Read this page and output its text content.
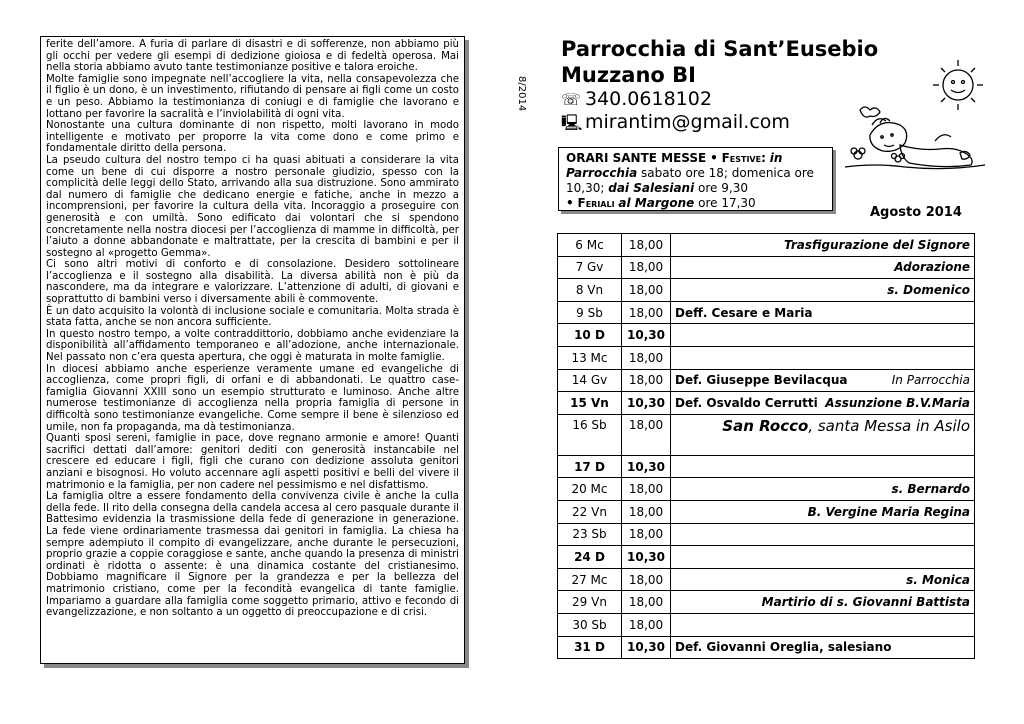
ferite dell’amore. A furia di parlare di disastri e di sofferenze, non abbiamo più gli occhi per vedere gli esempi di dedizione gioiosa e di fedeltà operosa. Mai nella storia abbiamo avuto tante testimonianze positive e talora eroiche.

Molte famiglie sono impegnate nell’accogliere la vita, nella consapevolezza che il figlio è un dono, è un investimento, rifiutando di pensare ai figli come un costo e un peso. Abbiamo la testimonianza di coniugi e di famiglie che lavorano e lottano per favorire la sacralità e l’inviolabilità di ogni vita.

Nonostante una cultura dominante di non rispetto, molti lavorano in modo intelligente e motivato per proporre la vita come dono e come primo e fondamentale diritto della persona.

La pseudo cultura del nostro tempo ci ha quasi abituati a considerare la vita come un bene di cui disporre a nostro personale giudizio, spesso con la complicità delle leggi dello Stato, arrivando alla sua distruzione. Sono ammirato dal numero di famiglie che dedicano energie e fatiche, anche in mezzo a incomprensioni, per favorire la cultura della vita. Incoraggio a proseguire con generosità e con umiltà. Sono edificato dai volontari che si spendono concretamente nella nostra diocesi per l’accoglienza di mamme in difficoltà, per l’aiuto a donne abbandonate e maltrattate, per la crescita di bambini e per il sostegno al «progetto Gemma».

Ci sono altri motivi di conforto e di consolazione. Desidero sottolineare l’accoglienza e il sostegno alla disabilità. La diversa abilità non è più da nascondere, ma da integrare e valorizzare. L’attenzione di adulti, di giovani e soprattutto di bambini verso i diversamente abili è commovente.

È un dato acquisito la volontà di inclusione sociale e comunitaria. Molta strada è stata fatta, anche se non ancora sufficiente.

In questo nostro tempo, a volte contraddittorio, dobbiamo anche evidenziare la disponibilità all’affidamento temporaneo e all’adozione, anche internazionale. Nel passato non c’era questa apertura, che oggi è maturata in molte famiglie.

In diocesi abbiamo anche esperienze veramente umane ed evangeliche di accoglienza, come propri figli, di orfani e di abbandonati. Le quattro case-famiglia Giovanni XXIII sono un esempio strutturato e luminoso. Anche altre numerose testimonianze di accoglienza nella propria famiglia di persone in difficoltà sono testimonianze evangeliche. Come sempre il bene è silenzioso ed umile, non fa propaganda, ma dà testimonianza.

Quanti sposi sereni, famiglie in pace, dove regnano armonie e amore! Quanti sacrifici dettati dall’amore: genitori dediti con generosità instancabile nel crescere ed educare i figli, figli che curano con dedizione assoluta genitori anziani e bisognosi. Ho voluto accennare agli aspetti positivi e belli del vivere il matrimonio e la famiglia, per non cadere nel pessimismo e nel disfattismo.

La famiglia oltre a essere fondamento della convivenza civile è anche la culla della fede. Il rito della consegna della candela accesa al cero pasquale durante il Battesimo evidenzia la trasmissione della fede di generazione in generazione. La fede viene ordinariamente trasmessa dai genitori in famiglia. La chiesa ha sempre adempiuto il compito di evangelizzare, anche durante le persecuzioni, proprio grazie a coppie coraggiose e sante, anche quando la presenza di ministri ordinati è ridotta o assente: è una dinamica costante del cristianesimo. Dobbiamo magnificare il Signore per la grandezza e per la bellezza del matrimonio cristiano, come per la fecondità evangelica di tante famiglie. Impariamo a guardare alla famiglia come soggetto primario, attivo e fecondo di evangelizzazione, e non soltanto a un oggetto di preoccupazione e di crisi.

8/2014
Parrocchia di Sant’Eusebio
Muzzano BI
☏ 340.0618102
🖳 mirantim@gmail.com
ORARI SANTE MESSE • Festive: in Parrocchia sabato ore 18; domenica ore 10,30; dai Salesiani ore 9,30
• Feriali al Margone ore 17,30
Agosto 2014
6 Mc	18,00	Trasfigurazione del Signore
7 Gv	18,00	Adorazione
8 Vn	18,00	s. Domenico
9 Sb	18,00	Deff. Cesare e Maria
10 D	10,30	
13 Mc	18,00	
14 Gv	18,00	Def. Giuseppe Bevilacqua In Parrocchia

15 Vn	10,30	Def. Osvaldo Cerrutti Assunzione B.V.Maria

16 Sb	18,00	San Rocco, santa Messa in Asilo
17 D	10,30	
20 Mc	18,00	s. Bernardo
22 Vn	18,00	B. Vergine Maria Regina
23 Sb	18,00	
24 D	10,30	
27 Mc	18,00	s. Monica
29 Vn	18,00	Martirio di s. Giovanni Battista
30 Sb	18,00	
31 D	10,30	Def. Giovanni Oreglia, salesiano
